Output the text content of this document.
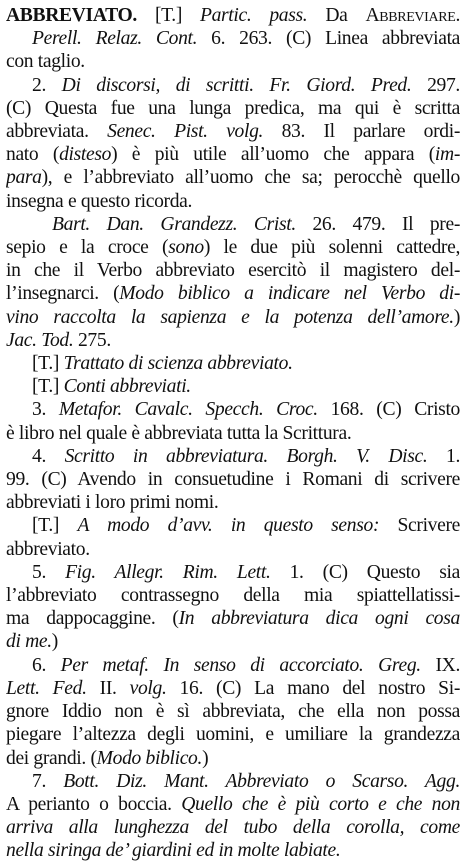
ABBREVIATO. [T.] Partic. pass. Da Abbreviare.
Perell. Relaz. Cont. 6. 263. (C) Linea abbreviata
con taglio.
2. Di discorsi, di scritti. Fr. Giord. Pred. 297.
(C) Questa fue una lunga predica, ma qui è scritta
abbreviata. Senec. Pist. volg. 83. Il parlare ordi-
nato (disteso) è più utile all’uomo che appara (im-
para), e l’abbreviato all’uomo che sa; perocchè quello
insegna e questo ricorda.
Bart. Dan. Grandezz. Crist. 26. 479. Il pre-
sepio e la croce (sono) le due più solenni cattedre,
in che il Verbo abbreviato esercitò il magistero del-
l’insegnarci. (Modo biblico a indicare nel Verbo di-
vino raccolta la sapienza e la potenza dell’amore.)
Jac. Tod. 275.
[T.] Trattato di scienza abbreviato.
[T.] Conti abbreviati.
3. Metafor. Cavalc. Specch. Croc. 168. (C) Cristo
è libro nel quale è abbreviata tutta la Scrittura.
4. Scritto in abbreviatura. Borgh. V. Disc. 1.
99. (C) Avendo in consuetudine i Romani di scrivere
abbreviati i loro primi nomi.
[T.] A modo d’avv. in questo senso: Scrivere
abbreviato.
5. Fig. Allegr. Rim. Lett. 1. (C) Questo sia
l’abbreviato contrassegno della mia spiattellatissi-
ma dappocaggine. (In abbreviatura dica ogni cosa
di me.)
6. Per metaf. In senso di accorciato. Greg. IX.
Lett. Fed. II. volg. 16. (C) La mano del nostro Si-
gnore Iddio non è sì abbreviata, che ella non possa
piegare l’altezza degli uomini, e umiliare la grandezza
dei grandi. (Modo biblico.)
7. Bott. Diz. Mant. Abbreviato o Scarso. Agg.
A perianto o boccia. Quello che è più corto e che non
arriva alla lunghezza del tubo della corolla, come
nella siringa de’ giardini ed in molte labiate.
